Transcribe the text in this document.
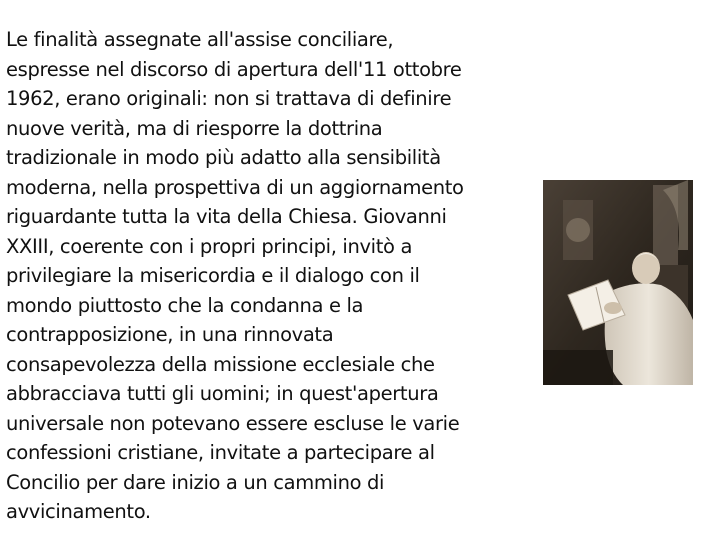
Le finalità assegnate all'assise conciliare,
espresse nel discorso di apertura dell'11 ottobre
1962, erano originali: non si trattava di definire
nuove verità, ma di riesporre la dottrina
tradizionale in modo più adatto alla sensibilità
moderna, nella prospettiva di un aggiornamento
riguardante tutta la vita della Chiesa. Giovanni
XXIII, coerente con i propri principi, invitò a
privilegiare la misericordia e il dialogo con il
mondo piuttosto che la condanna e la
contrapposizione, in una rinnovata
consapevolezza della missione ecclesiale che
abbracciava tutti gli uomini; in quest'apertura
universale non potevano essere escluse le varie
confessioni cristiane, invitate a partecipare al
Concilio per dare inizio a un cammino di
avvicinamento.
